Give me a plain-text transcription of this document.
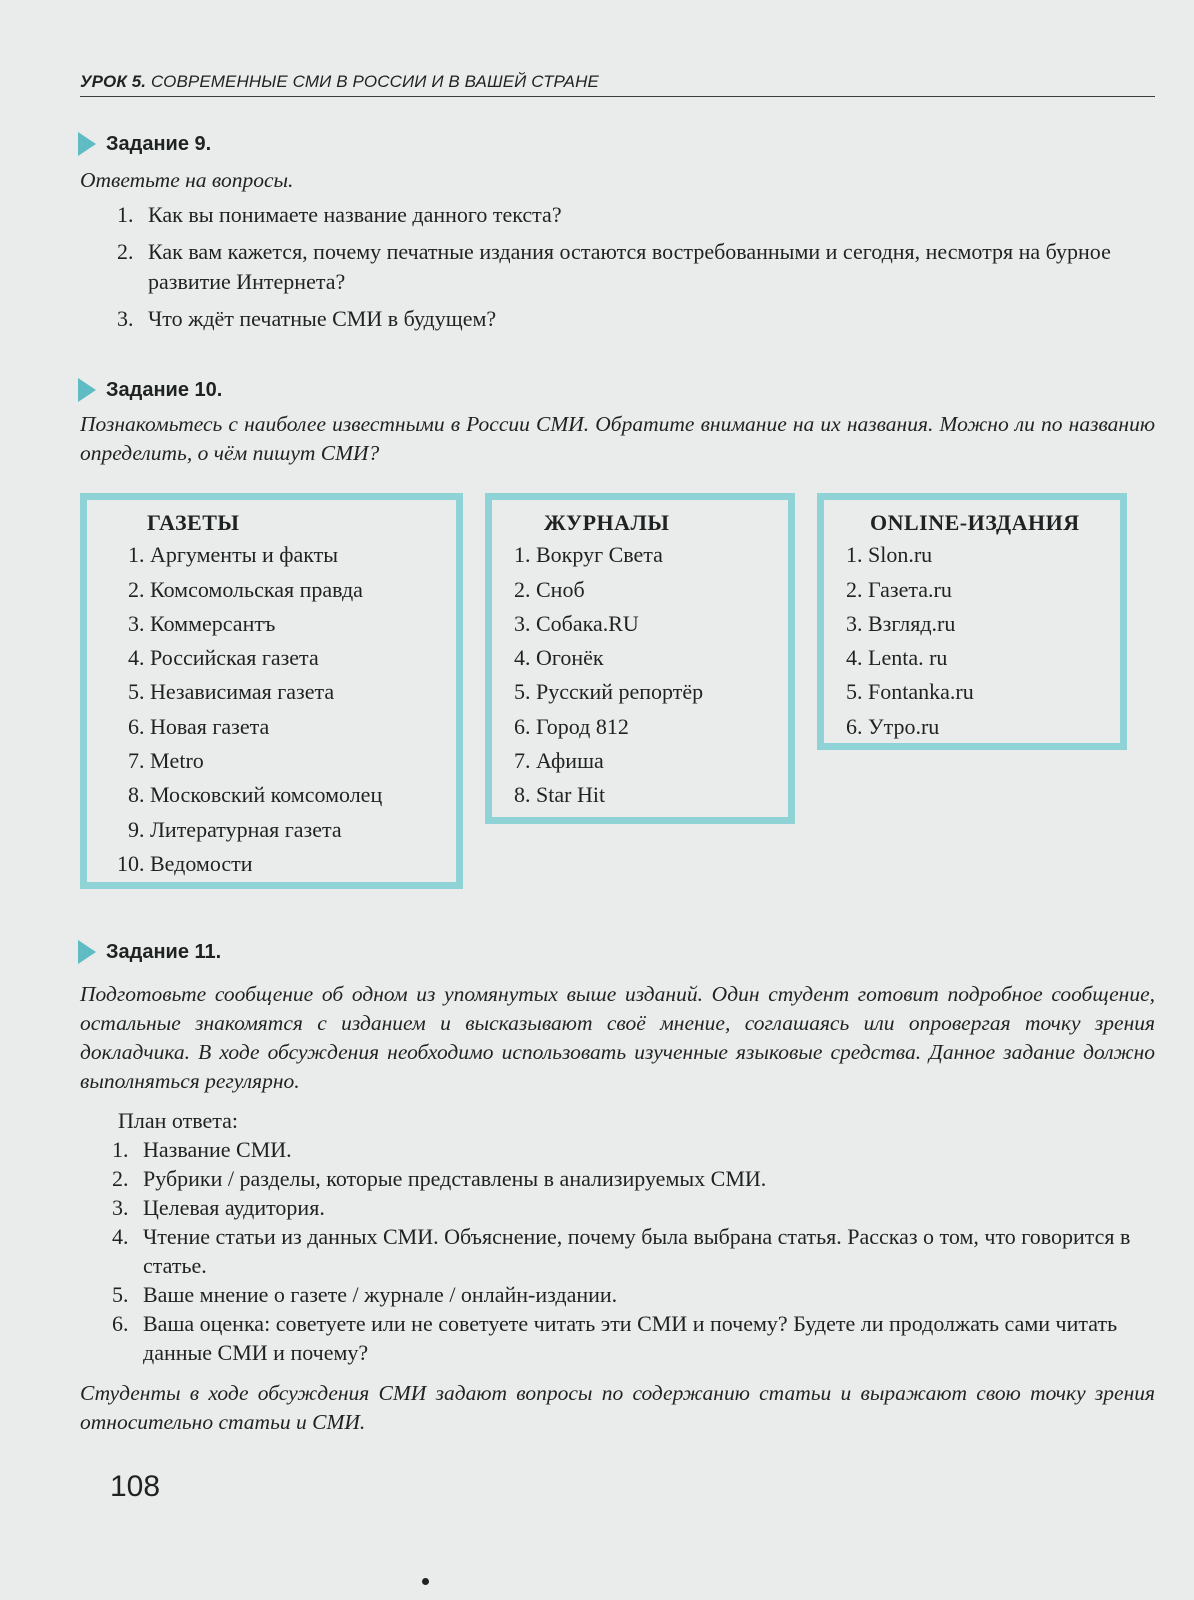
УРОК 5. СОВРЕМЕННЫЕ СМИ В РОССИИ И В ВАШЕЙ СТРАНЕ
Задание 9.
Ответьте на вопросы.
1. Как вы понимаете название данного текста?
2. Как вам кажется, почему печатные издания остаются востребованными и сегодня, несмотря на бурное развитие Интернета?
3. Что ждёт печатные СМИ в будущем?
Задание 10.
Познакомьтесь с наиболее известными в России СМИ. Обратите внимание на их названия. Можно ли по названию определить, о чём пишут СМИ?
ГАЗЕТЫ
1. Аргументы и факты
2. Комсомольская правда
3. Коммерсантъ
4. Российская газета
5. Независимая газета
6. Новая газета
7. Metro
8. Московский комсомолец
9. Литературная газета
10. Ведомости
ЖУРНАЛЫ
1. Вокруг Света
2. Сноб
3. Собака.RU
4. Огонёк
5. Русский репортёр
6. Город 812
7. Афиша
8. Star Hit
ONLINE-ИЗДАНИЯ
1. Slon.ru
2. Газета.ru
3. Взгляд.ru
4. Lenta. ru
5. Fontanka.ru
6. Утро.ru
Задание 11.
Подготовьте сообщение об одном из упомянутых выше изданий. Один студент готовит подробное сообщение, остальные знакомятся с изданием и высказывают своё мнение, соглашаясь или опровергая точку зрения докладчика. В ходе обсуждения необходимо использовать изученные языковые средства. Данное задание должно выполняться регулярно.
План ответа:
1. Название СМИ.
2. Рубрики / разделы, которые представлены в анализируемых СМИ.
3. Целевая аудитория.
4. Чтение статьи из данных СМИ. Объяснение, почему была выбрана статья. Рассказ о том, что говорится в статье.
5. Ваше мнение о газете / журнале / онлайн-издании.
6. Ваша оценка: советуете или не советуете читать эти СМИ и почему? Будете ли продолжать сами читать данные СМИ и почему?
Студенты в ходе обсуждения СМИ задают вопросы по содержанию статьи и выражают свою точку зрения относительно статьи и СМИ.
108
